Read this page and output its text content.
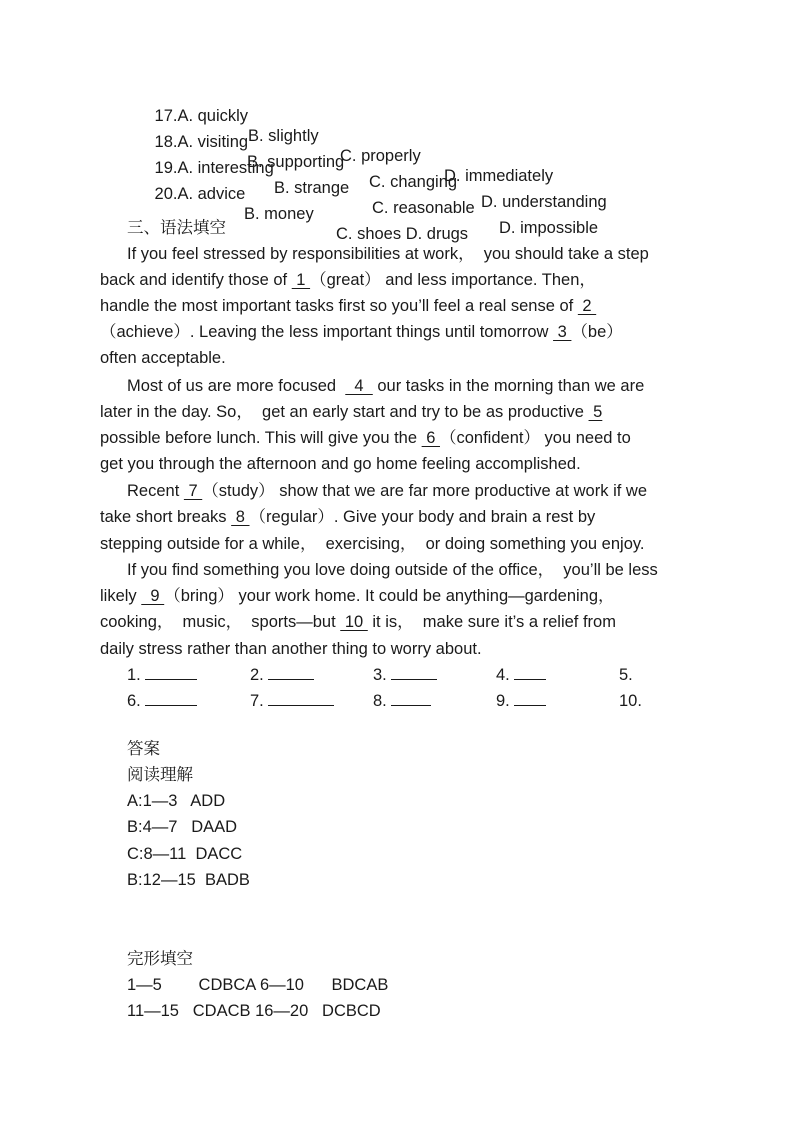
17.A. quickly

B. slightly

C. properly

D. immediately

18.A. visiting

B. supporting

C. changing

D. understanding

19.A. interesting

B. strange

C. reasonable

D. impossible

20.A. advice

B. money

C. shoes D. drugs

三、语法填空
If you feel stressed by responsibilities at work，  you should take a step
back and identify those of  1 （great） and less importance. Then，
handle the most important tasks first so you’ll feel a real sense of  2
（achieve）. Leaving the less important things until tomorrow  3 （be）
often acceptable.
Most of us are more focused    4   our tasks in the morning than we are
later in the day. So，  get an early start and try to be as productive  5
possible before lunch. This will give you the  6 （confident） you need to
get you through the afternoon and go home feeling accomplished.
Recent  7 （study） show that we are far more productive at work if we
take short breaks  8 （regular）. Give your body and brain a rest by
stepping outside for a while，  exercising，  or doing something you enjoy.
If you find something you love doing outside of the office，  you’ll be less
likely   9 （bring） your work home. It could be anything—gardening，
cooking，  music，  sports—but  10  it is，  make sure it’s a relief from
daily stress rather than another thing to worry about.
1.	2.	3.	4.	5.
6.	7.	8.	9.	10.
答案
阅读理解
A:1—3   ADD
B:4—7   DAAD
C:8—11  DACC
B:12—15  BADB
完形填空
1—5        CDBCA 6—10      BDCAB
11—15   CDACB 16—20   DCBCD
